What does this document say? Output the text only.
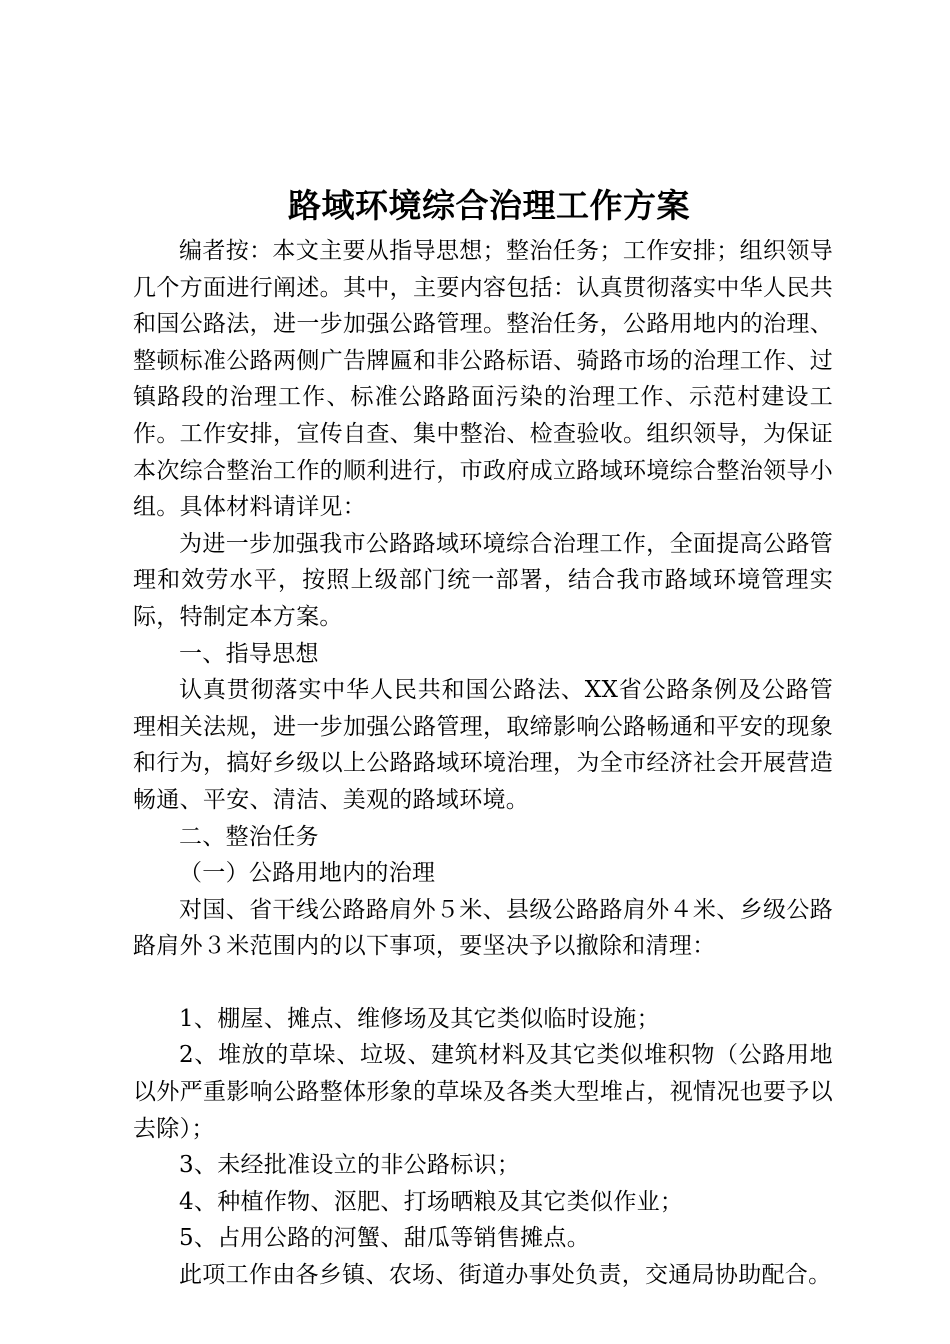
路域环境综合治理工作方案

编者按：本文主要从指导思想；整治任务；工作安排；组织领导几个方面进行阐述。其中，主要内容包括：认真贯彻落实中华人民共和国公路法，进一步加强公路管理。整治任务，公路用地内的治理、整顿标准公路两侧广告牌匾和非公路标语、骑路市场的治理工作、过镇路段的治理工作、标准公路路面污染的治理工作、示范村建设工作。工作安排，宣传自查、集中整治、检查验收。组织领导，为保证本次综合整治工作的顺利进行，市政府成立路域环境综合整治领导小组。具体材料请详见：

为进一步加强我市公路路域环境综合治理工作，全面提高公路管理和效劳水平，按照上级部门统一部署，结合我市路域环境管理实际，特制定本方案。

一、指导思想

认真贯彻落实中华人民共和国公路法、XX省公路条例及公路管理相关法规，进一步加强公路管理，取缔影响公路畅通和平安的现象和行为，搞好乡级以上公路路域环境治理，为全市经济社会开展营造畅通、平安、清洁、美观的路域环境。

二、整治任务

（一）公路用地内的治理

对国、省干线公路路肩外５米、县级公路路肩外４米、乡级公路路肩外３米范围内的以下事项，要坚决予以撤除和清理：

1、棚屋、摊点、维修场及其它类似临时设施；

2、堆放的草垛、垃圾、建筑材料及其它类似堆积物（公路用地以外严重影响公路整体形象的草垛及各类大型堆占，视情况也要予以去除）；

3、未经批准设立的非公路标识；

4、种植作物、沤肥、打场晒粮及其它类似作业；

5、占用公路的河蟹、甜瓜等销售摊点。

此项工作由各乡镇、农场、街道办事处负责，交通局协助配合。
